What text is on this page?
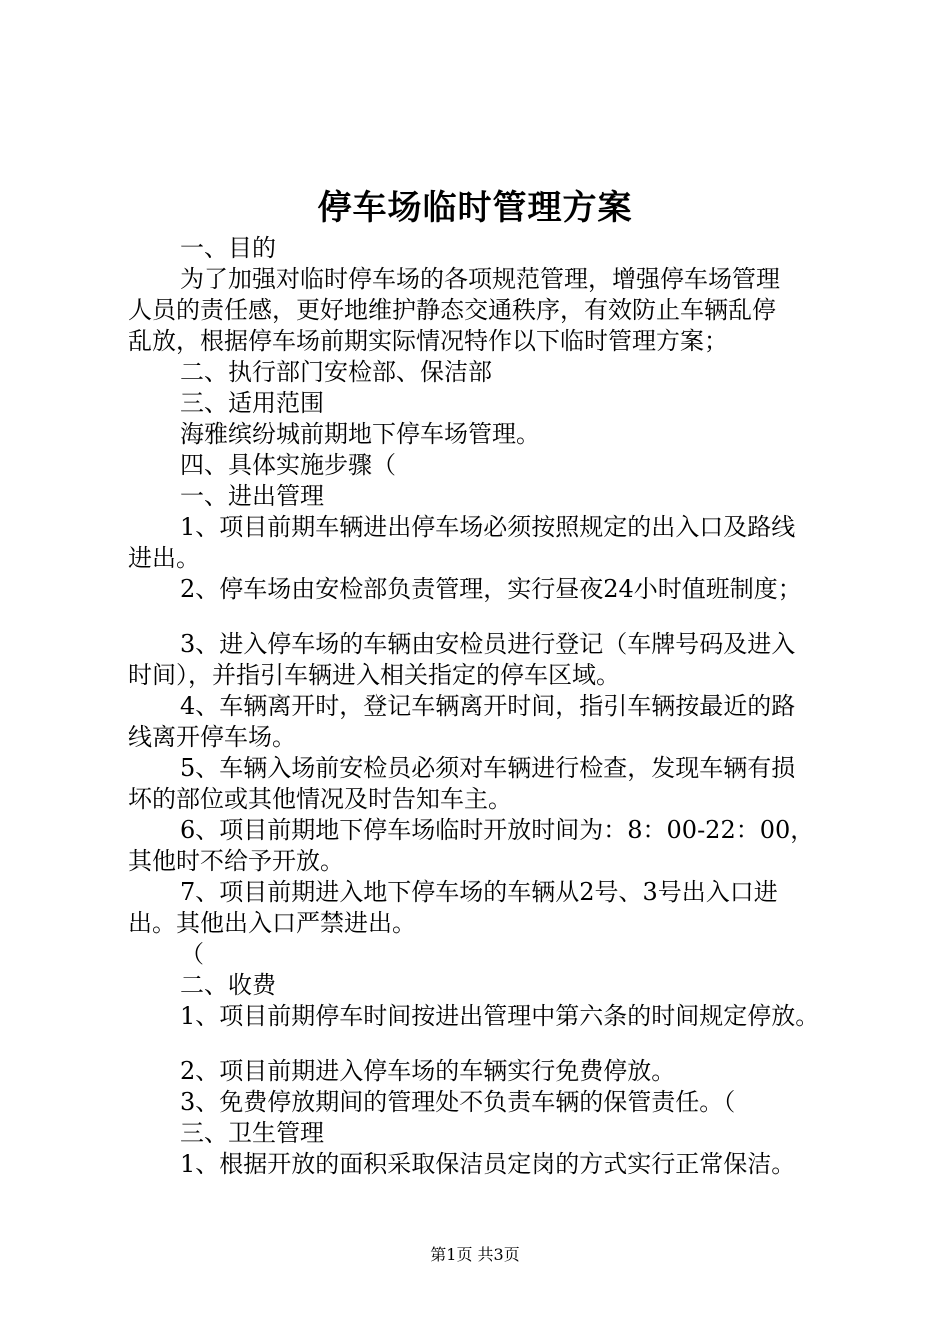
停车场临时管理方案
一、目的
为了加强对临时停车场的各项规范管理，增强停车场管理
人员的责任感，更好地维护静态交通秩序，有效防止车辆乱停
乱放，根据停车场前期实际情况特作以下临时管理方案；
二、执行部门安检部、保洁部
三、适用范围
海雅缤纷城前期地下停车场管理。
四、具体实施步骤（
一、进出管理
1、项目前期车辆进出停车场必须按照规定的出入口及路线
进出。
2、停车场由安检部负责管理，实行昼夜24小时值班制度；
3、进入停车场的车辆由安检员进行登记（车牌号码及进入
时间），并指引车辆进入相关指定的停车区域。
4、车辆离开时，登记车辆离开时间，指引车辆按最近的路
线离开停车场。
5、车辆入场前安检员必须对车辆进行检查，发现车辆有损
坏的部位或其他情况及时告知车主。
6、项目前期地下停车场临时开放时间为：8：00-22：00，
其他时不给予开放。
7、项目前期进入地下停车场的车辆从2号、3号出入口进
出。其他出入口严禁进出。
（
二、收费
1、项目前期停车时间按进出管理中第六条的时间规定停放。
2、项目前期进入停车场的车辆实行免费停放。
3、免费停放期间的管理处不负责车辆的保管责任。（
三、卫生管理
1、根据开放的面积采取保洁员定岗的方式实行正常保洁。
第1页 共3页
